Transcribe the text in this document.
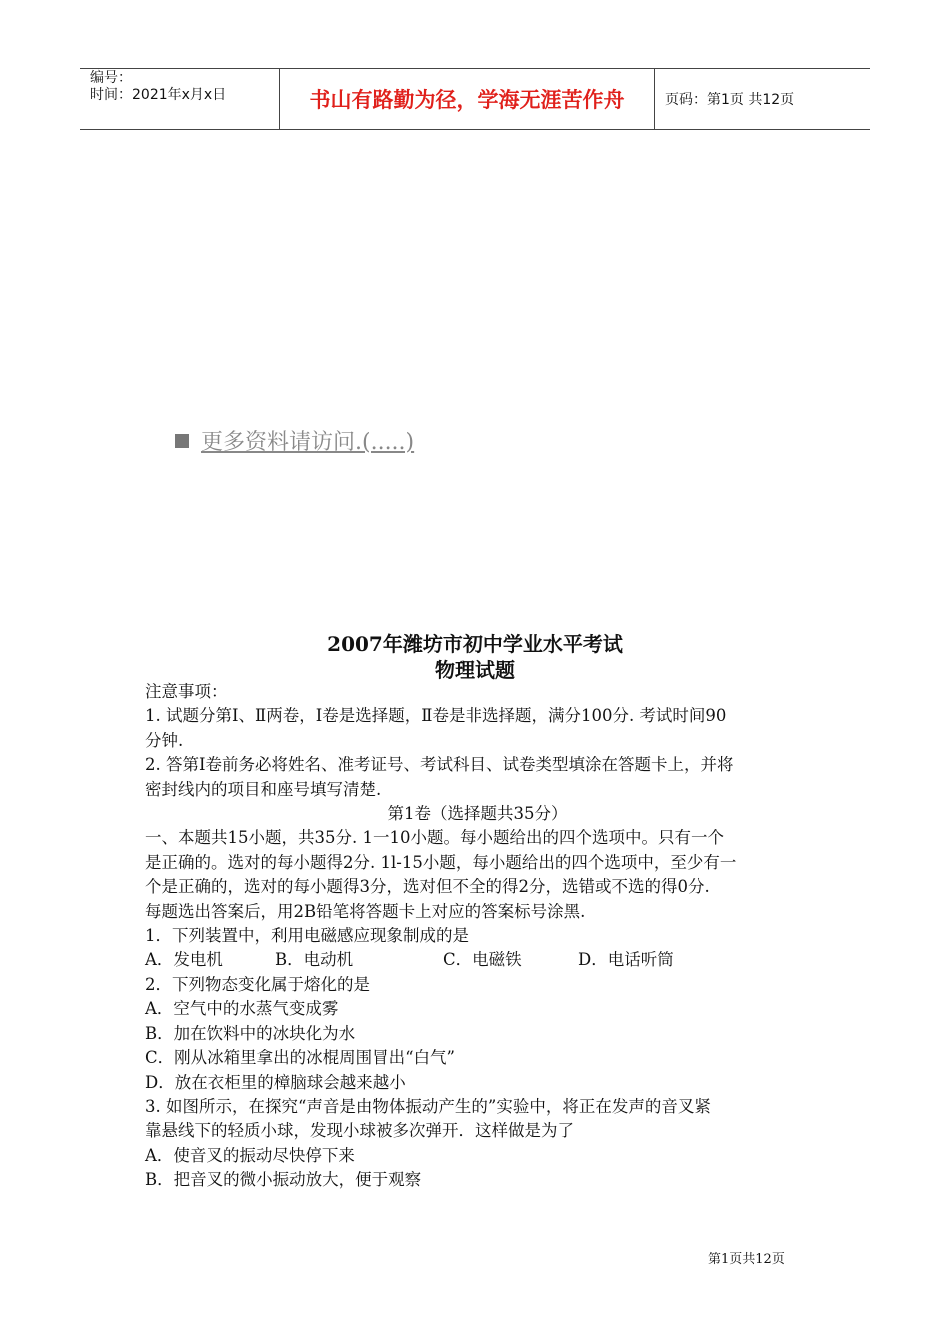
编号：
时间：2021年x月x日	书山有路勤为径，学海无涯苦作舟	页码：第1页 共12页
更多资料请访问.(.....)
2007年潍坊市初中学业水平考试
物理试题

注意事项：

1. 试题分第Ⅰ、Ⅱ两卷，Ⅰ卷是选择题，Ⅱ卷是非选择题，满分100分. 考试时间90

分钟.

2. 答第Ⅰ卷前务必将姓名、准考证号、考试科目、试卷类型填涂在答题卡上，并将

密封线内的项目和座号填写清楚.

第1卷（选择题共35分）

一、本题共15小题，共35分. 1一10小题。每小题给出的四个选项中。只有一个

是正确的。选对的每小题得2分. 1l-15小题，每小题给出的四个选项中，至少有一

个是正确的，选对的每小题得3分，选对但不全的得2分，选错或不选的得0分.

每题选出答案后，用2B铅笔将答题卡上对应的答案标号涂黑.

1．下列装置中，利用电磁感应现象制成的是

A．发电机	B．电动机	C．电磁铁	D．电话听筒

2．下列物态变化属于熔化的是

A．空气中的水蒸气变成雾

B．加在饮料中的冰块化为水

C．刚从冰箱里拿出的冰棍周围冒出“白气”

D．放在衣柜里的樟脑球会越来越小

3. 如图所示，在探究“声音是由物体振动产生的”实验中，将正在发声的音叉紧

靠悬线下的轻质小球，发现小球被多次弹开．这样做是为了

A．使音叉的振动尽快停下来

B．把音叉的微小振动放大，便于观察

第1页共12页
